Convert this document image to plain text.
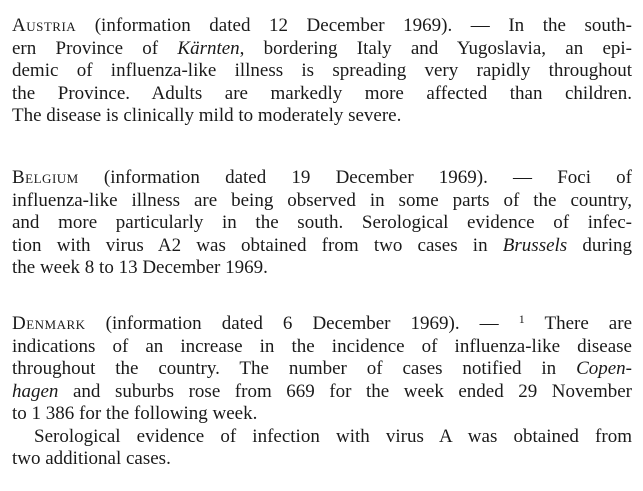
Austria (information dated 12 December 1969). — In the south-
ern Province of Kärnten, bordering Italy and Yugoslavia, an epi-
demic of influenza-like illness is spreading very rapidly throughout
the Province. Adults are markedly more affected than children.
The disease is clinically mild to moderately severe.
Belgium (information dated 19 December 1969). — Foci of
influenza-like illness are being observed in some parts of the country,
and more particularly in the south. Serological evidence of infec-
tion with virus A2 was obtained from two cases in Brussels during
the week 8 to 13 December 1969.
Denmark (information dated 6 December 1969). — $^1$ There are
indications of an increase in the incidence of influenza-like disease
throughout the country. The number of cases notified in Copen-
hagen and suburbs rose from 669 for the week ended 29 November
to 1 386 for the following week.
Serological evidence of infection with virus A was obtained from
two additional cases.
